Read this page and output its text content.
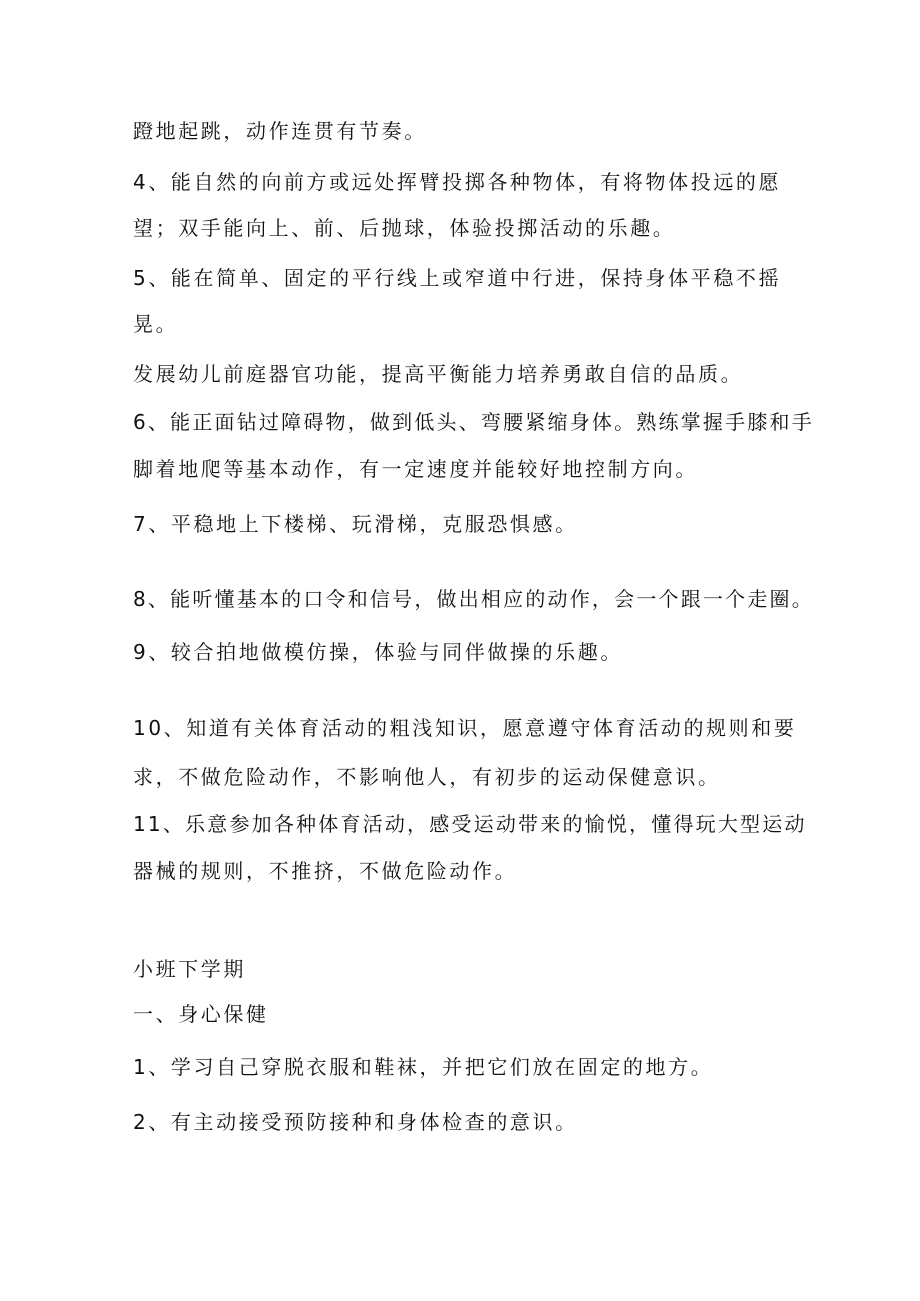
蹬地起跳，动作连贯有节奏。
4、能自然的向前方或远处挥臂投掷各种物体，有将物体投远的愿
望；双手能向上、前、后抛球，体验投掷活动的乐趣。
5、能在简单、固定的平行线上或窄道中行进，保持身体平稳不摇
晃。
发展幼儿前庭器官功能，提高平衡能力培养勇敢自信的品质。
6、能正面钻过障碍物，做到低头、弯腰紧缩身体。熟练掌握手膝和手
脚着地爬等基本动作，有一定速度并能较好地控制方向。
7、平稳地上下楼梯、玩滑梯，克服恐惧感。
8、能听懂基本的口令和信号，做出相应的动作，会一个跟一个走圈。
9、较合拍地做模仿操，体验与同伴做操的乐趣。
10、知道有关体育活动的粗浅知识，愿意遵守体育活动的规则和要
求，不做危险动作，不影响他人，有初步的运动保健意识。
11、乐意参加各种体育活动，感受运动带来的愉悦，懂得玩大型运动
器械的规则，不推挤，不做危险动作。
小班下学期
一、身心保健
1、学习自己穿脱衣服和鞋袜，并把它们放在固定的地方。
2、有主动接受预防接种和身体检查的意识。
